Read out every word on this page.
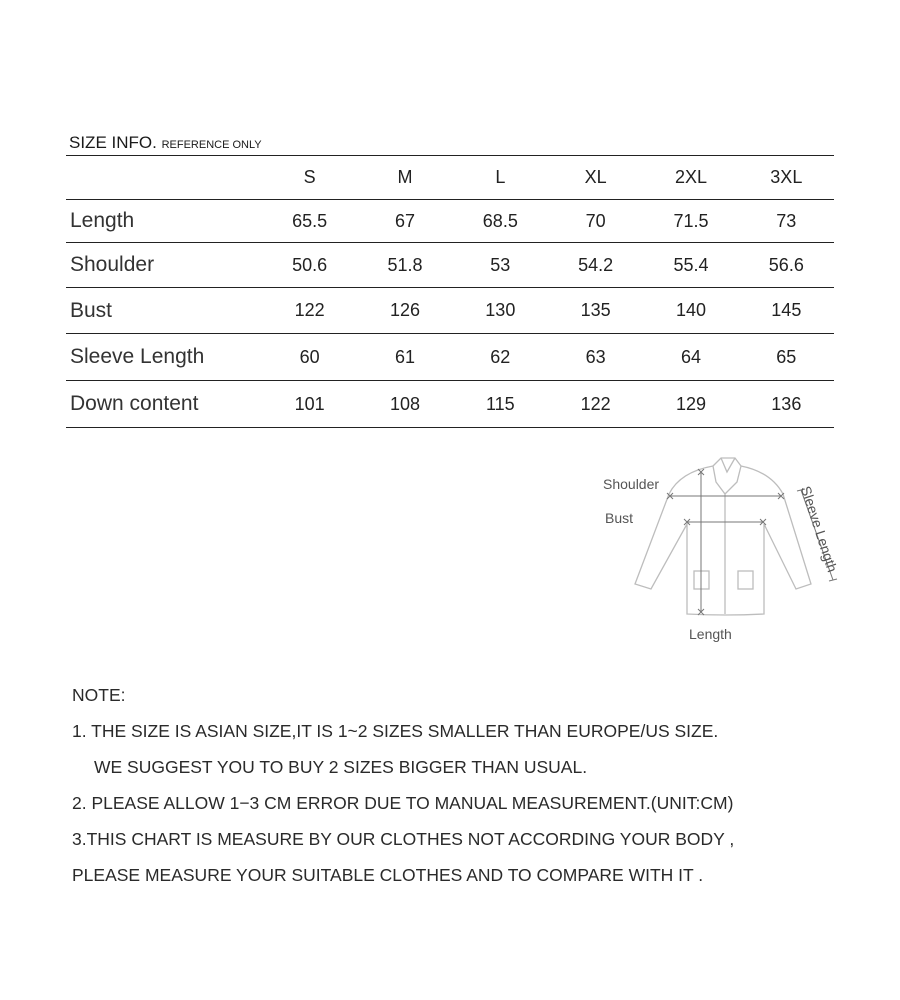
SIZE INFO. REFERENCE ONLY
	S	M	L	XL	2XL	3XL
Length	65.5	67	68.5	70	71.5	73
Shoulder	50.6	51.8	53	54.2	55.4	56.6
Bust	122	126	130	135	140	145
Sleeve Length	60	61	62	63	64	65
Down content	101	108	115	122	129	136
Shoulder
Bust	Sleeve Length
Length
NOTE:
1. THE SIZE IS ASIAN SIZE,IT IS 1~2 SIZES SMALLER THAN EUROPE/US SIZE.
WE SUGGEST YOU TO BUY 2 SIZES BIGGER THAN USUAL.
2. PLEASE ALLOW 1−3 CM ERROR DUE TO MANUAL MEASUREMENT.(UNIT:CM)
3.THIS CHART IS MEASURE BY OUR CLOTHES NOT ACCORDING YOUR BODY ,
PLEASE MEASURE YOUR SUITABLE CLOTHES AND TO COMPARE WITH IT .
